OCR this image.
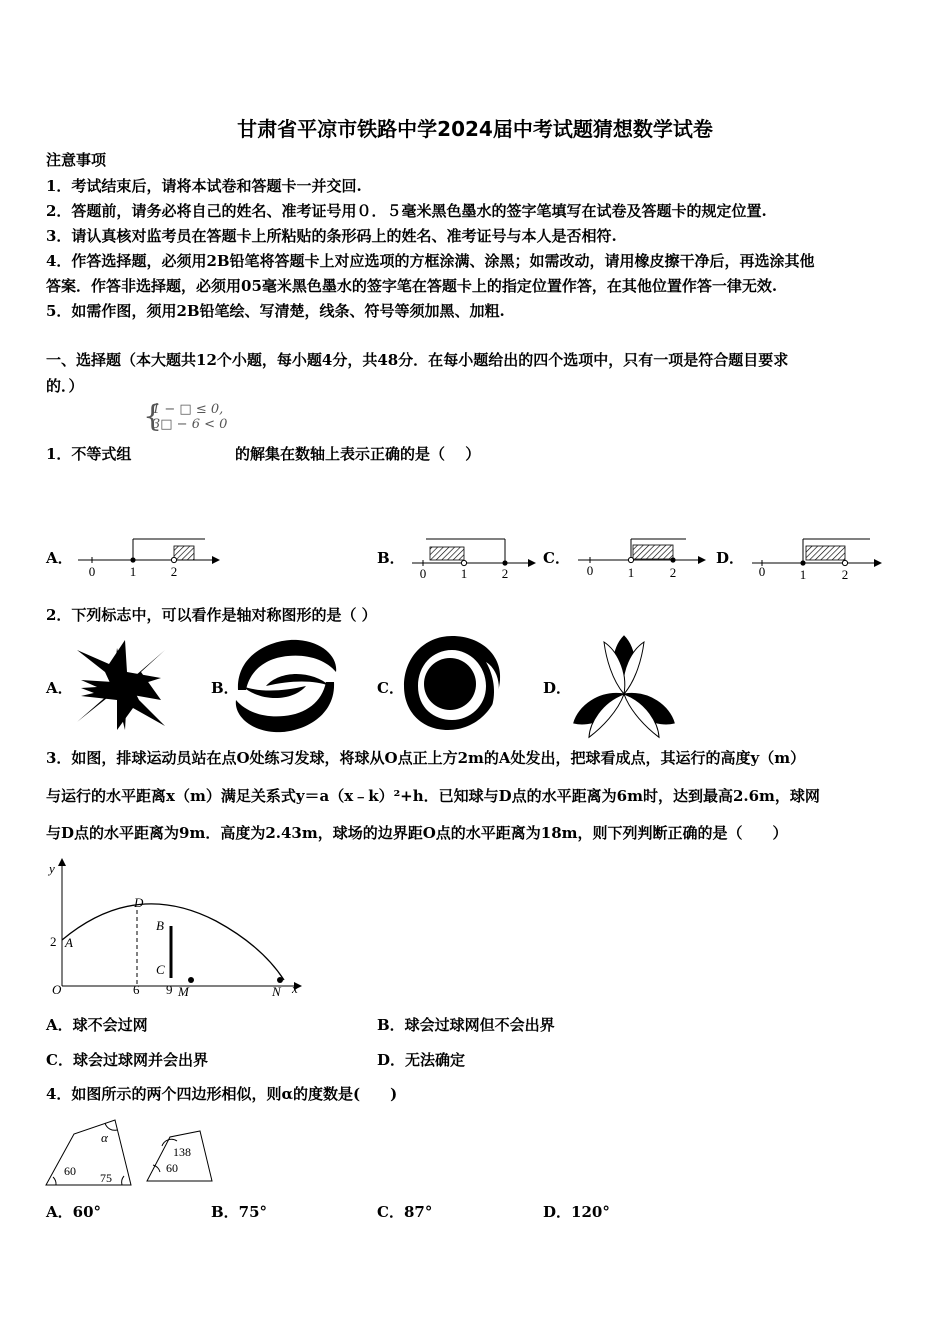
甘肃省平凉市铁路中学2024届中考试题猜想数学试卷
注意事项
1．考试结束后，请将本试卷和答题卡一并交回.
2．答题前，请务必将自己的姓名、准考证号用０．５毫米黑色墨水的签字笔填写在试卷及答题卡的规定位置.
3．请认真核对监考员在答题卡上所粘贴的条形码上的姓名、准考证号与本人是否相符.
4．作答选择题，必须用2B铅笔将答题卡上对应选项的方框涂满、涂黑；如需改动，请用橡皮擦干净后，再选涂其他
答案．作答非选择题，必须用05毫米黑色墨水的签字笔在答题卡上的指定位置作答，在其他位置作答一律无效.
5．如需作图，须用2B铅笔绘、写清楚，线条、符号等须加黑、加粗.
一、选择题（本大题共12个小题，每小题4分，共48分．在每小题给出的四个选项中，只有一项是符合题目要求
的．）
{
1 − □ ≤ 0,
3□ − 6 < 0
1．不等式组	的解集在数轴上表示正确的是（　 ）
0	1	2	0	1	2	0	1	2	0	1	2
y
x
O
D
B
C
A
M	N
2
6 9
α
60 75
138
60
A．	B．	C．	D．
2．下列标志中，可以看作是轴对称图形的是（ ）
A．	B．	C．	D．
3．如图，排球运动员站在点O处练习发球，将球从O点正上方2m的A处发出，把球看成点，其运行的高度y（m）
与运行的水平距离x（m）满足关系式y＝a（x﹣k）²+h．已知球与D点的水平距离为6m时，达到最高2.6m，球网
与D点的水平距离为9m．高度为2.43m，球场的边界距O点的水平距离为18m，则下列判断正确的是（　　）
A．球不会过网	B．球会过球网但不会出界
C．球会过球网并会出界	D．无法确定
4．如图所示的两个四边形相似，则α的度数是(　　)
A．60°	B．75°	C．87°	D．120°
